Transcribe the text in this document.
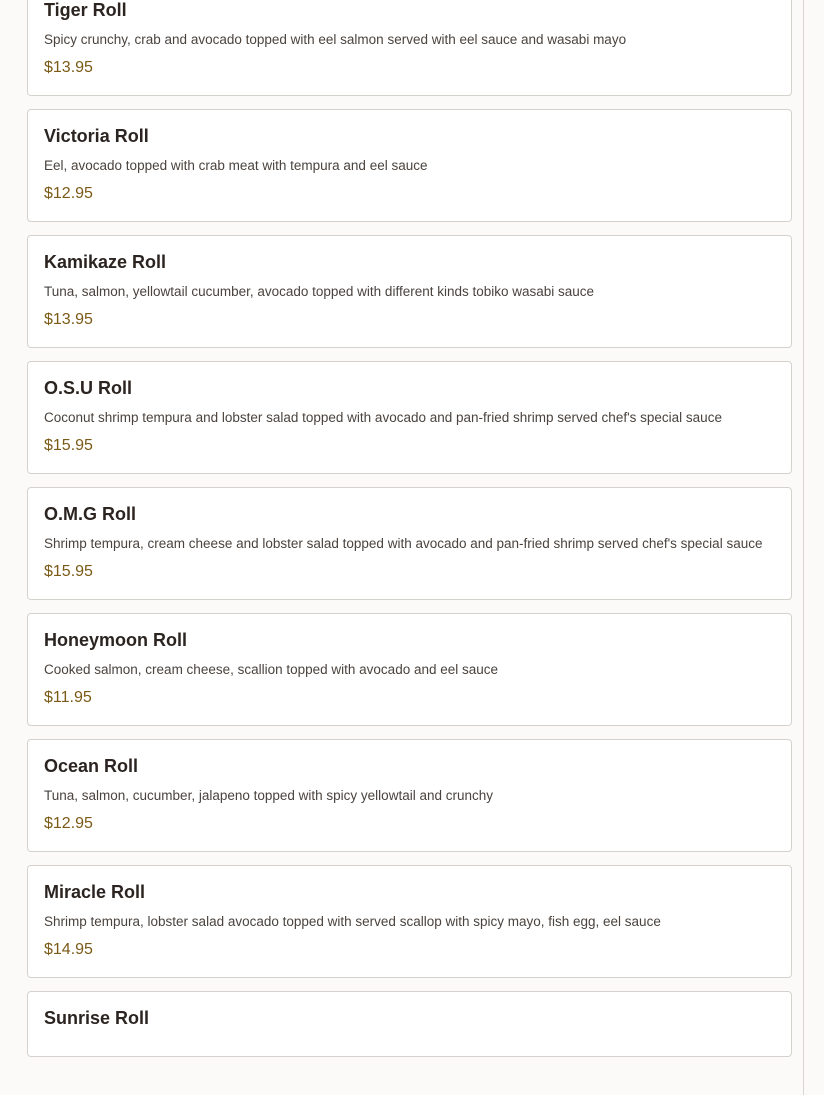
Tiger Roll
Spicy crunchy, crab and avocado topped with eel salmon served with eel sauce and wasabi mayo
$13.95
Victoria Roll
Eel, avocado topped with crab meat with tempura and eel sauce
$12.95
Kamikaze Roll
Tuna, salmon, yellowtail cucumber, avocado topped with different kinds tobiko wasabi sauce
$13.95
O.S.U Roll
Coconut shrimp tempura and lobster salad topped with avocado and pan-fried shrimp served chef's special sauce
$15.95
O.M.G Roll
Shrimp tempura, cream cheese and lobster salad topped with avocado and pan-fried shrimp served chef's special sauce
$15.95
Honeymoon Roll
Cooked salmon, cream cheese, scallion topped with avocado and eel sauce
$11.95
Ocean Roll
Tuna, salmon, cucumber, jalapeno topped with spicy yellowtail and crunchy
$12.95
Miracle Roll
Shrimp tempura, lobster salad avocado topped with served scallop with spicy mayo, fish egg, eel sauce
$14.95
Sunrise Roll
